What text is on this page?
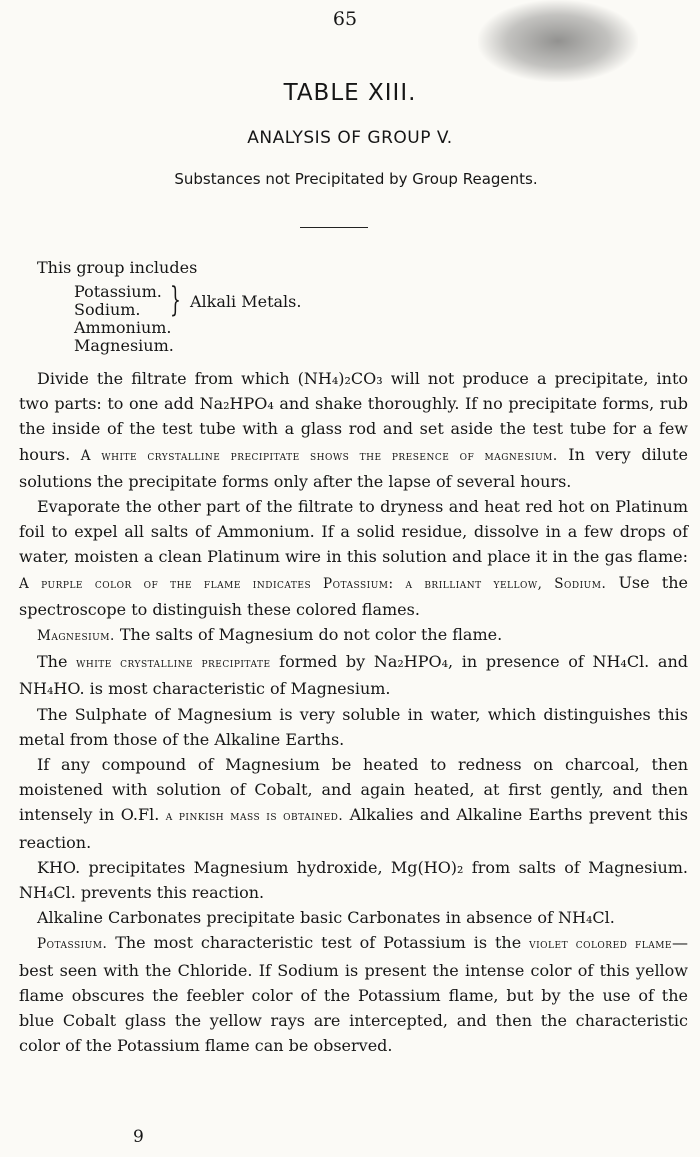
65
TABLE XIII.
ANALYSIS OF GROUP V.
Substances not Precipitated by Group Reagents.
This group includes
Potassium.
Sodium.
Ammonium.
Magnesium.
} Alkali Metals.

Divide the filtrate from which (NH₄)₂CO₃ will not produce a precipitate, into two parts: to one add Na₂HPO₄ and shake thoroughly. If no precipitate forms, rub the inside of the test tube with a glass rod and set aside the test tube for a few hours. A white crystalline precipitate shows the presence of magnesium. In very dilute solutions the precipitate forms only after the lapse of several hours.

Evaporate the other part of the filtrate to dryness and heat red hot on Platinum foil to expel all salts of Ammonium. If a solid residue, dissolve in a few drops of water, moisten a clean Platinum wire in this solution and place it in the gas flame: A purple color of the flame indicates Potassium: a brilliant yellow, Sodium. Use the spectroscope to distinguish these colored flames.

Magnesium. The salts of Magnesium do not color the flame.

The white crystalline precipitate formed by Na₂HPO₄, in presence of NH₄Cl. and NH₄HO. is most characteristic of Magnesium.

The Sulphate of Magnesium is very soluble in water, which distinguishes this metal from those of the Alkaline Earths.

If any compound of Magnesium be heated to redness on charcoal, then moistened with solution of Cobalt, and again heated, at first gently, and then intensely in O.Fl. a pinkish mass is obtained. Alkalies and Alkaline Earths prevent this reaction.

KHO. precipitates Magnesium hydroxide, Mg(HO)₂ from salts of Magnesium. NH₄Cl. prevents this reaction.

Alkaline Carbonates precipitate basic Carbonates in absence of NH₄Cl.

Potassium. The most characteristic test of Potassium is the violet colored flame—best seen with the Chloride. If Sodium is present the intense color of this yellow flame obscures the feebler color of the Potassium flame, but by the use of the blue Cobalt glass the yellow rays are intercepted, and then the characteristic color of the Potassium flame can be observed.

9
